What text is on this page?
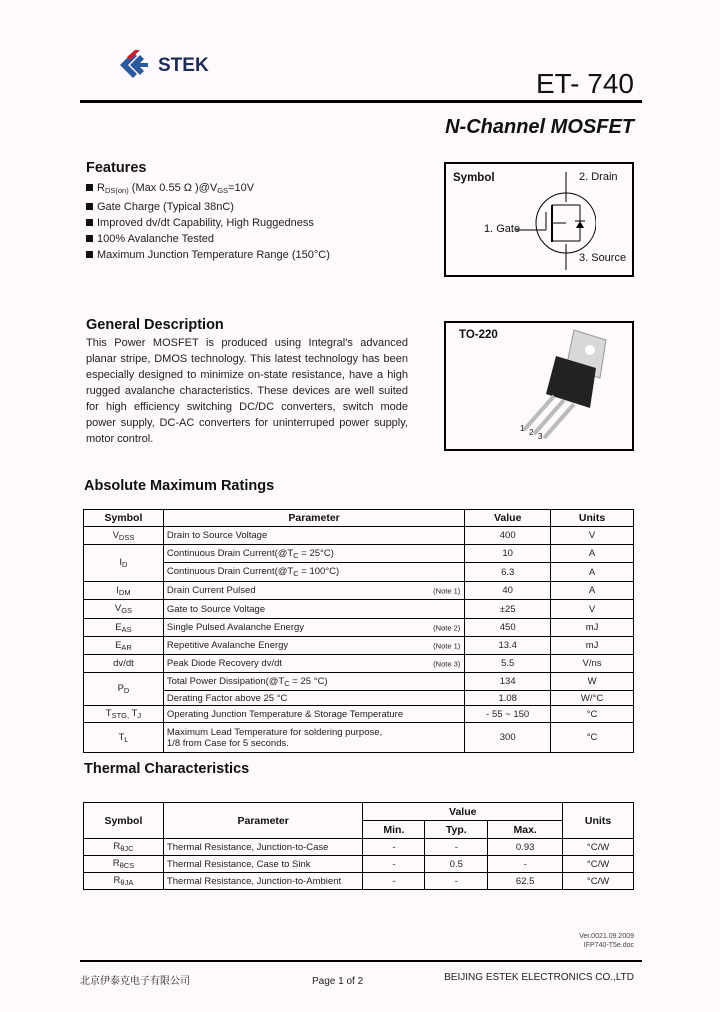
STEK
ET- 740
N-Channel MOSFET
Features
$R_{DS(on)}$ (Max 0.55 Ω )$@V_{GS}=10V$
Gate Charge (Typical 38nC)
Improved dv/dt Capability, High Ruggedness
100% Avalanche Tested
Maximum Junction Temperature Range (150°C)
Symbol	2. Drain
1. Gate
3. Source
General Description
This Power MOSFET is produced using Integral's advanced planar stripe, DMOS technology. This latest technology has been especially designed to minimize on-state resistance, have a high rugged avalanche characteristics. These devices are well suited for high efficiency switching DC/DC converters, switch mode power supply, DC-AC converters for uninterruped power supply, motor control.
TO-220
1 2 3
Absolute Maximum Ratings
Symbol	Parameter	Value	Units
$V_{DSS}$	Drain to Source Voltage	400	V
$I_D$	Continuous Drain $Current(@T_C = 25^\circ C)$	10	A
	Continuous Drain $Current(@T_C = 100^\circ C)$	6.3	A
$I_{DM}$	Drain Current Pulsed (Note 1)	40	A
$V_{GS}$	Gate to Source Voltage	±25	V
$E_{AS}$	Single Pulsed Avalanche Energy (Note 2)	450	mJ
$E_{AR}$	Repetitive Avalanche Energy (Note 1)	13.4	mJ
dv/dt	Peak Diode Recovery dv/dt (Note 3)	5.5	V/ns
$P_D$	Total Power $Dissipation(@T_C = 25$ °C)	134	W
	Derating Factor above 25 °C	1.08	W/°C
$T_{STG,}$ $T_J$	Operating Junction Temperature & Storage Temperature	- 55 ~ 150	°C
$T_L$	Maximum Lead Temperature for soldering purpose,
1/8 from Case for 5 seconds.	300	°C
Thermal Characteristics
Symbol	Parameter	Value			Units
		Min.	Typ.	Max.	
$R_{\theta JC}$	Thermal Resistance, Junction-to-Case	-	-	0.93	°C/W
$R_{\theta CS}$	Thermal Resistance, Case to Sink	-	0.5	-	°C/W
$R_{\theta JA}$	Thermal Resistance, Junction-to-Ambient	-	-	62.5	°C/W
Ver.0021.09.2009
IFP740-T5e.doc
北京伊泰克电子有限公司	Page 1 of 2	BEIJING ESTEK ELECTRONICS CO.,LTD
